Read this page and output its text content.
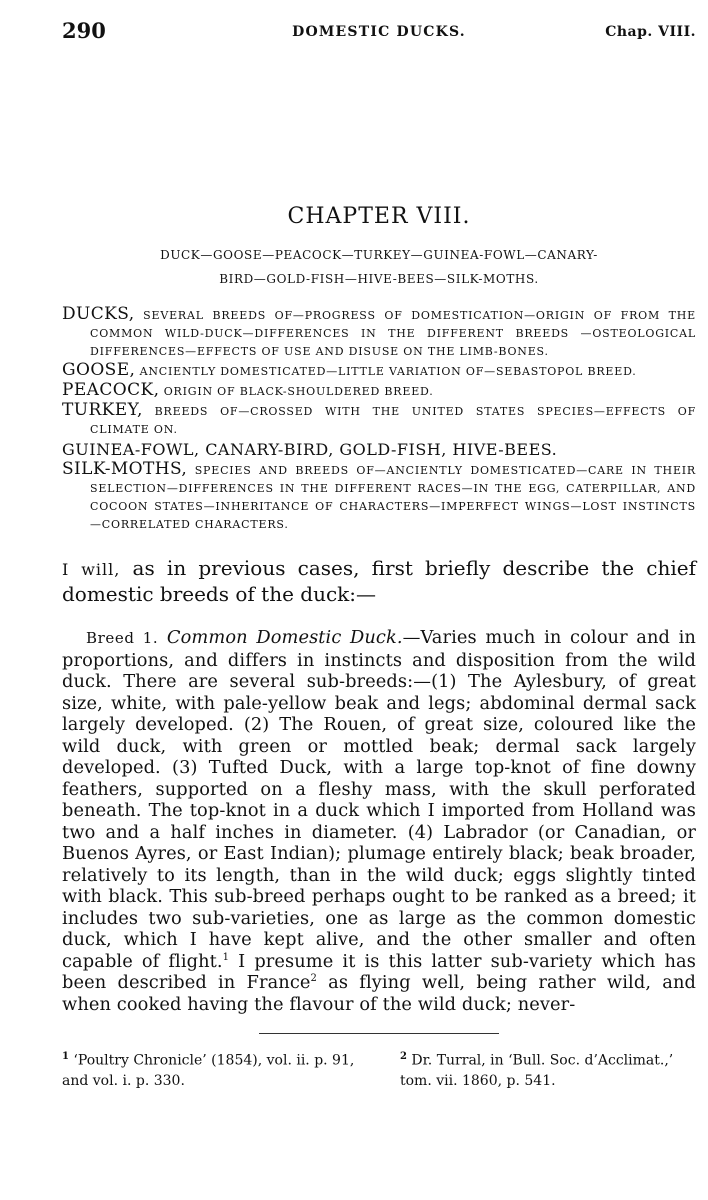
290	DOMESTIC DUCKS.	Chap. VIII.
CHAPTER VIII.
DUCK—GOOSE—PEACOCK—TURKEY—GUINEA-FOWL—CANARY-
BIRD—GOLD-FISH—HIVE-BEES—SILK-MOTHS.
DUCKS, SEVERAL BREEDS OF—PROGRESS OF DOMESTICATION—ORIGIN OF FROM THE COMMON WILD-DUCK—DIFFERENCES IN THE DIFFERENT BREEDS —OSTEOLOGICAL DIFFERENCES—EFFECTS OF USE AND DISUSE ON THE LIMB-BONES.
GOOSE, ANCIENTLY DOMESTICATED—LITTLE VARIATION OF—SEBASTOPOL BREED.
PEACOCK, ORIGIN OF BLACK-SHOULDERED BREED.
TURKEY, BREEDS OF—CROSSED WITH THE UNITED STATES SPECIES—EFFECTS OF CLIMATE ON.
GUINEA-FOWL, CANARY-BIRD, GOLD-FISH, HIVE-BEES.
SILK-MOTHS, SPECIES AND BREEDS OF—ANCIENTLY DOMESTICATED—CARE IN THEIR SELECTION—DIFFERENCES IN THE DIFFERENT RACES—IN THE EGG, CATERPILLAR, AND COCOON STATES—INHERITANCE OF CHARACTERS—IMPERFECT WINGS—LOST INSTINCTS—CORRELATED CHARACTERS.

I will, as in previous cases, first briefly describe the chief domestic breeds of the duck:—

Breed 1. Common Domestic Duck.—Varies much in colour and in proportions, and differs in instincts and disposition from the wild duck. There are several sub-breeds:—(1) The Aylesbury, of great size, white, with pale-yellow beak and legs; abdominal dermal sack largely developed. (2) The Rouen, of great size, coloured like the wild duck, with green or mottled beak; dermal sack largely developed. (3) Tufted Duck, with a large top-knot of fine downy feathers, supported on a fleshy mass, with the skull perforated beneath. The top-knot in a duck which I imported from Holland was two and a half inches in diameter. (4) Labrador (or Canadian, or Buenos Ayres, or East Indian); plumage entirely black; beak broader, relatively to its length, than in the wild duck; eggs slightly tinted with black. This sub-breed perhaps ought to be ranked as a breed; it includes two sub-varieties, one as large as the common domestic duck, which I have kept alive, and the other smaller and often capable of flight.$^1$ I presume it is this latter sub-variety which has been described in France$^2$ as flying well, being rather wild, and when cooked having the flavour of the wild duck; never-

$^1$ ‘Poultry Chronicle’ (1854), vol. ii. p. 91, and vol. i. p. 330.
$^2$ Dr. Turral, in ‘Bull. Soc. d’Acclimat.,’ tom. vii. 1860, p. 541.
